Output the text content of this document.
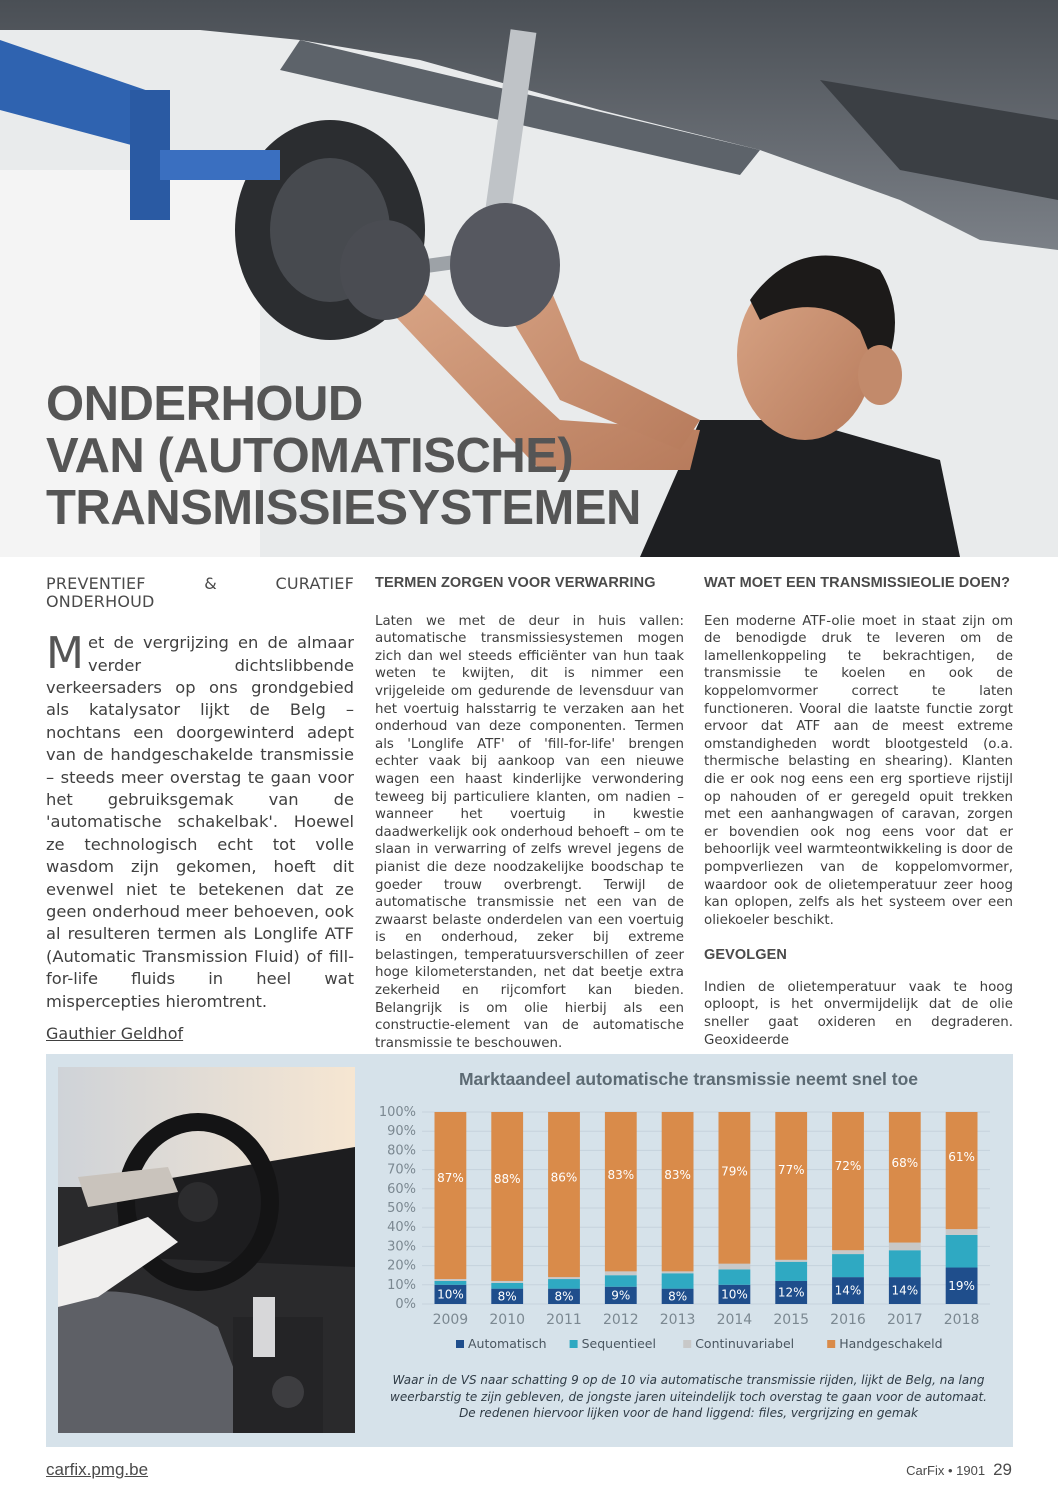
ONDERHOUD
VAN (AUTOMATISCHE)
TRANSMISSIESYSTEMEN
PREVENTIEF & CURATIEF ONDERHOUD

Met de vergrijzing en de almaar verder dichtslibbende verkeersaders op ons grondgebied als katalysator lijkt de Belg – nochtans een doorgewinterd adept van de handgeschakelde transmissie – steeds meer overstag te gaan voor het gebruiksgemak van de 'automatische schakelbak'. Hoewel ze technologisch echt tot volle wasdom zijn gekomen, hoeft dit evenwel niet te betekenen dat ze geen onderhoud meer behoeven, ook al resulteren termen als Longlife ATF (Automatic Transmission Fluid) of fill-for-life fluids in heel wat mispercepties hieromtrent.

Gauthier Geldhof
TERMEN ZORGEN VOOR VERWARRING

Laten we met de deur in huis vallen: automatische transmissiesystemen mogen zich dan wel steeds efficiënter van hun taak weten te kwijten, dit is nimmer een vrijgeleide om gedurende de levensduur van het voertuig halsstarrig te verzaken aan het onderhoud van deze componenten. Termen als 'Longlife ATF' of 'fill-for-life' brengen echter vaak bij aankoop van een nieuwe wagen een haast kinderlijke verwondering teweeg bij particuliere klanten, om nadien – wanneer het voertuig in kwestie daadwerkelijk ook onderhoud behoeft – om te slaan in verwarring of zelfs wrevel jegens de pianist die deze noodzakelijke boodschap te goeder trouw overbrengt. Terwijl de automatische transmissie net een van de zwaarst belaste onderdelen van een voertuig is en onderhoud, zeker bij extreme belastingen, temperatuursverschillen of zeer hoge kilometerstanden, net dat beetje extra zekerheid en rijcomfort kan bieden. Belangrijk is om olie hierbij als een constructie-element van de automatische transmissie te beschouwen.

WAT MOET EEN TRANSMISSIEOLIE DOEN?

Een moderne ATF-olie moet in staat zijn om de benodigde druk te leveren om de lamellenkoppeling te bekrachtigen, de transmissie te koelen en ook de koppelomvormer correct te laten functioneren. Vooral die laatste functie zorgt ervoor dat ATF aan de meest extreme omstandigheden wordt blootgesteld (o.a. thermische belasting en shearing). Klanten die er ook nog eens een erg sportieve rijstijl op nahouden of er geregeld opuit trekken met een aanhangwagen of caravan, zorgen er bovendien ook nog eens voor dat er behoorlijk veel warmteontwikkeling is door de pompverliezen van de koppelomvormer, waardoor ook de olietemperatuur zeer hoog kan oplopen, zelfs als het systeem over een oliekoeler beschikt.

GEVOLGEN

Indien de olietemperatuur vaak te hoog oploopt, is het onvermijdelijk dat de olie sneller gaat oxideren en degraderen. Geoxideerde

Marktaandeel automatische transmissie neemt snel toe
0%
10%
20%
30%
40%
50%
60%
70%
80%
90%
100%
10%
87%
2009
8%
88%
2010
8%
86%
2011
9%
83%
2012
8%
83%
2013
10%
79%
2014
12%
77%
2015
14%
72%
2016
14%
68%
2017
19%
61%
2018
Automatisch	Sequentieel	Continuvariabel	Handgeschakeld
Waar in de VS naar schatting 9 op de 10 via automatische transmissie rijden, lijkt de Belg, na lang weerbarstig te zijn gebleven, de jongste jaren uiteindelijk toch overstag te gaan voor de automaat. De redenen hiervoor lijken voor de hand liggend: files, vergrijzing en gemak
carfix.pmg.be	CarFix • 1901 29
